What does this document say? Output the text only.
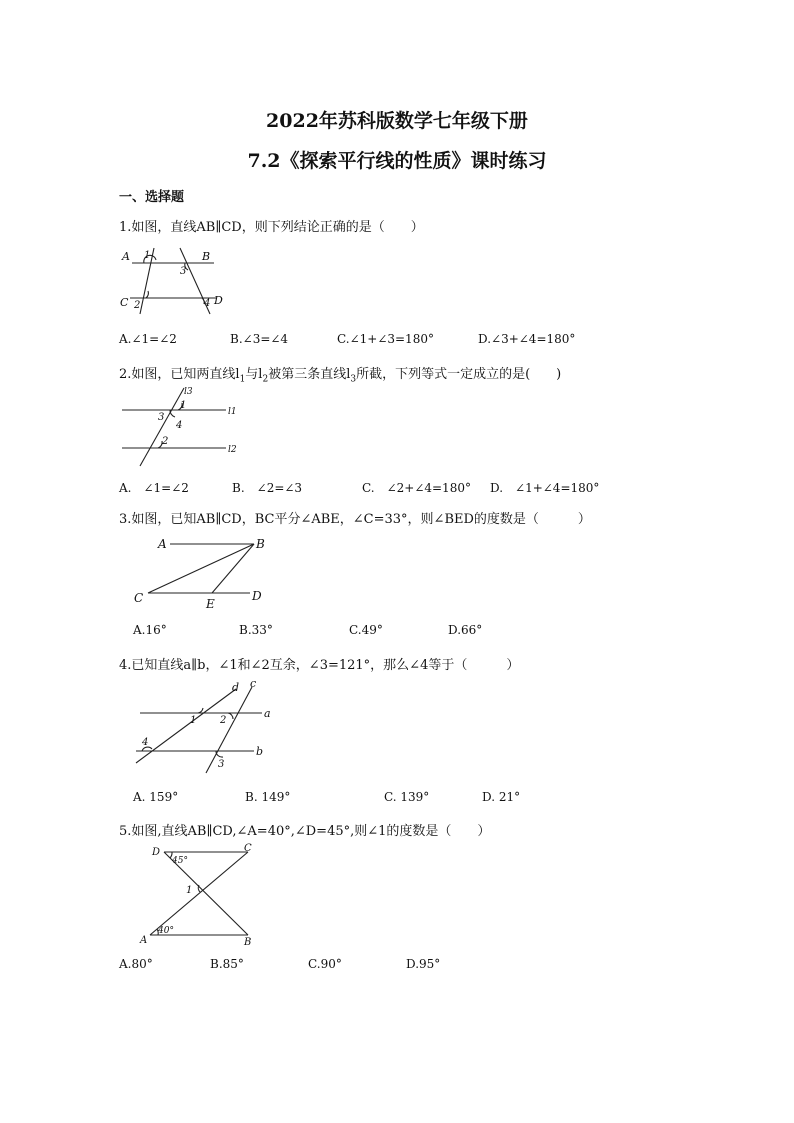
2022年苏科版数学七年级下册
7.2《探索平行线的性质》课时练习
一、选择题
1.如图，直线AB∥CD，则下列结论正确的是（　　）
A	B
C	D
1
2
3
4
A.∠1=∠2	B.∠3=∠4	C.∠1+∠3=180°	D.∠3+∠4=180°
2.如图，已知两直线$l_1$与$l_2$被第三条直线$l_3$所截，下列等式一定成立的是(　　)
l3
l1
l2
1
2
3
4
A.　∠1=∠2	B.　∠2=∠3	C.　∠2+∠4=180° D.　∠1+∠4=180°
3.如图，已知AB∥CD，BC平分∠ABE，∠C=33°，则∠BED的度数是（　　　）
A	B
C	E
D
A.16°	B.33°	C.49°	D.66°
4.已知直线a∥b，∠1和∠2互余，∠3=121°，那么∠4等于（　　　）
d c
a
b
1 2
3
4
A. 159°	B. 149°	C. 139°	D. 21°
5.如图,直线AB∥CD,∠A=40°,∠D=45°,则∠1的度数是（　　）
D	C
45°
1
A	B
40°
A.80°	B.85°	C.90°	D.95°
